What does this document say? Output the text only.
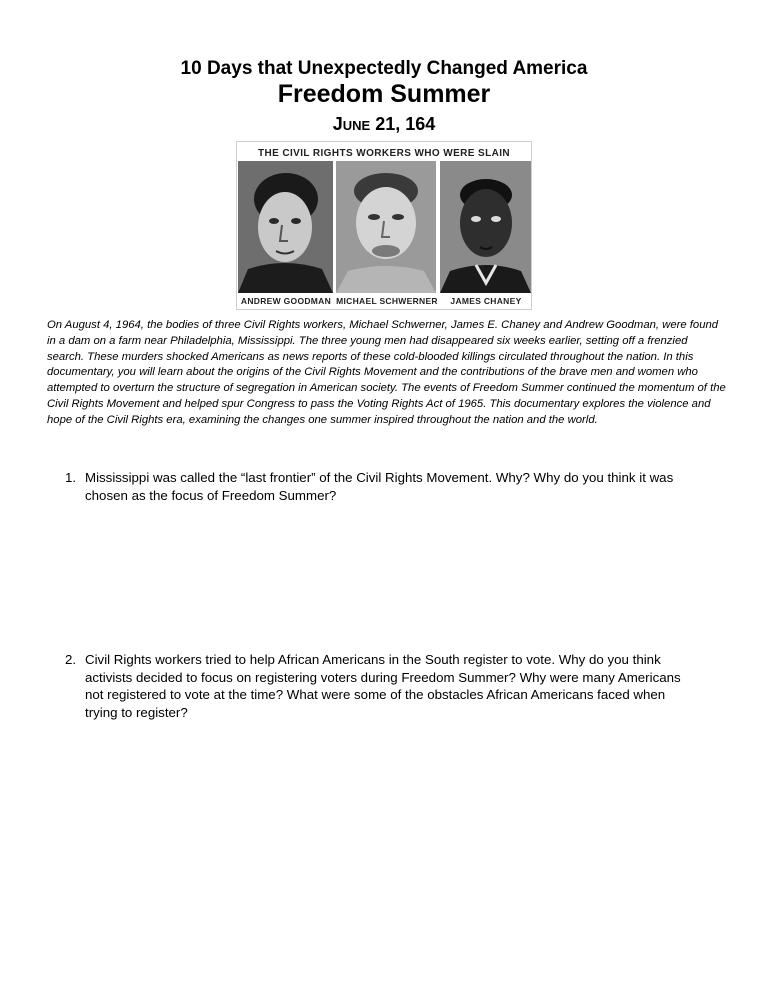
10 Days that Unexpectedly Changed America
Freedom Summer
June 21, 164
THE CIVIL RIGHTS WORKERS WHO WERE SLAIN
ANDREW GOODMAN MICHAEL SCHWERNER	JAMES CHANEY
On August 4, 1964, the bodies of three Civil Rights workers, Michael Schwerner, James E. Chaney and Andrew Goodman, were found in a dam on a farm near Philadelphia, Mississippi. The three young men had disappeared six weeks earlier, setting off a frenzied search. These murders shocked Americans as news reports of these cold-blooded killings circulated throughout the nation. In this documentary, you will learn about the origins of the Civil Rights Movement and the contributions of the brave men and women who attempted to overturn the structure of segregation in American society. The events of Freedom Summer continued the momentum of the Civil Rights Movement and helped spur Congress to pass the Voting Rights Act of 1965. This documentary explores the violence and hope of the Civil Rights era, examining the changes one summer inspired throughout the nation and the world.
1. Mississippi was called the “last frontier” of the Civil Rights Movement. Why? Why do you think it was chosen as the focus of Freedom Summer?
2. Civil Rights workers tried to help African Americans in the South register to vote. Why do you think activists decided to focus on registering voters during Freedom Summer? Why were many Americans not registered to vote at the time? What were some of the obstacles African Americans faced when trying to register?
